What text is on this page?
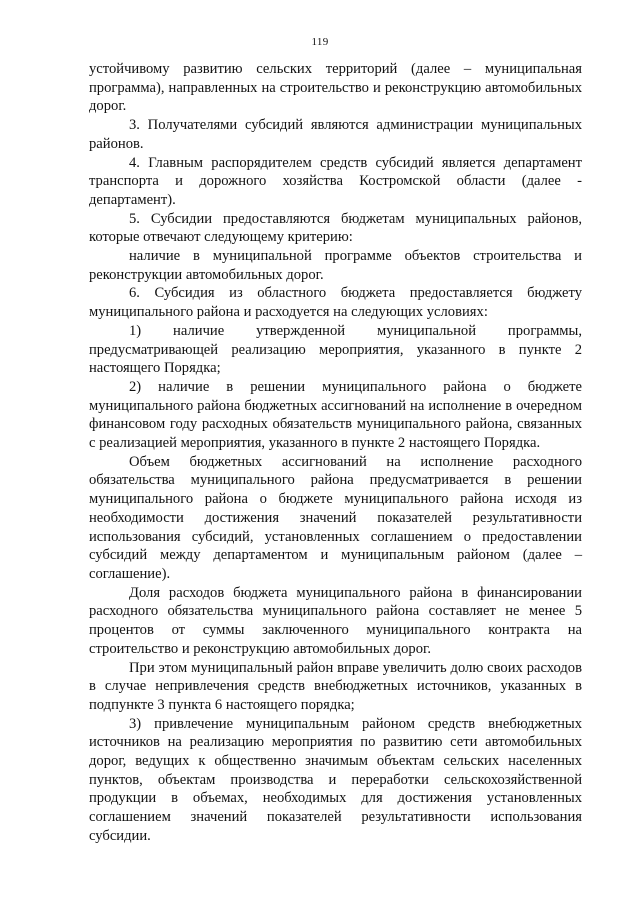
119

устойчивому развитию сельских территорий (далее – муниципальная программа), направленных на строительство и реконструкцию автомобильных дорог.

3. Получателями субсидий являются администрации муниципальных районов.

4. Главным распорядителем средств субсидий является департамент транспорта и дорожного хозяйства Костромской области (далее - департамент).

5. Субсидии предоставляются бюджетам муниципальных районов, которые отвечают следующему критерию:

наличие в муниципальной программе объектов строительства и реконструкции автомобильных дорог.

6. Субсидия из областного бюджета предоставляется бюджету муниципального района и расходуется на следующих условиях:

1) наличие утвержденной муниципальной программы, предусматривающей реализацию мероприятия, указанного в пункте 2 настоящего Порядка;

2) наличие в решении муниципального района о бюджете муниципального района бюджетных ассигнований на исполнение в очередном финансовом году расходных обязательств муниципального района, связанных с реализацией мероприятия, указанного в пункте 2 настоящего Порядка.

Объем бюджетных ассигнований на исполнение расходного обязательства муниципального района предусматривается в решении муниципального района о бюджете муниципального района исходя из необходимости достижения значений показателей результативности использования субсидий, установленных соглашением о предоставлении субсидий между департаментом и муниципальным районом (далее – соглашение).

Доля расходов бюджета муниципального района в финансировании расходного обязательства муниципального района составляет не менее 5 процентов от суммы заключенного муниципального контракта на строительство и реконструкцию автомобильных дорог.

При этом муниципальный район вправе увеличить долю своих расходов в случае непривлечения средств внебюджетных источников, указанных в подпункте 3 пункта 6 настоящего порядка;

3) привлечение муниципальным районом средств внебюджетных источников на реализацию мероприятия по развитию сети автомобильных дорог, ведущих к общественно значимым объектам сельских населенных пунктов, объектам производства и переработки сельскохозяйственной продукции в объемах, необходимых для достижения установленных соглашением значений показателей результативности использования субсидии.
